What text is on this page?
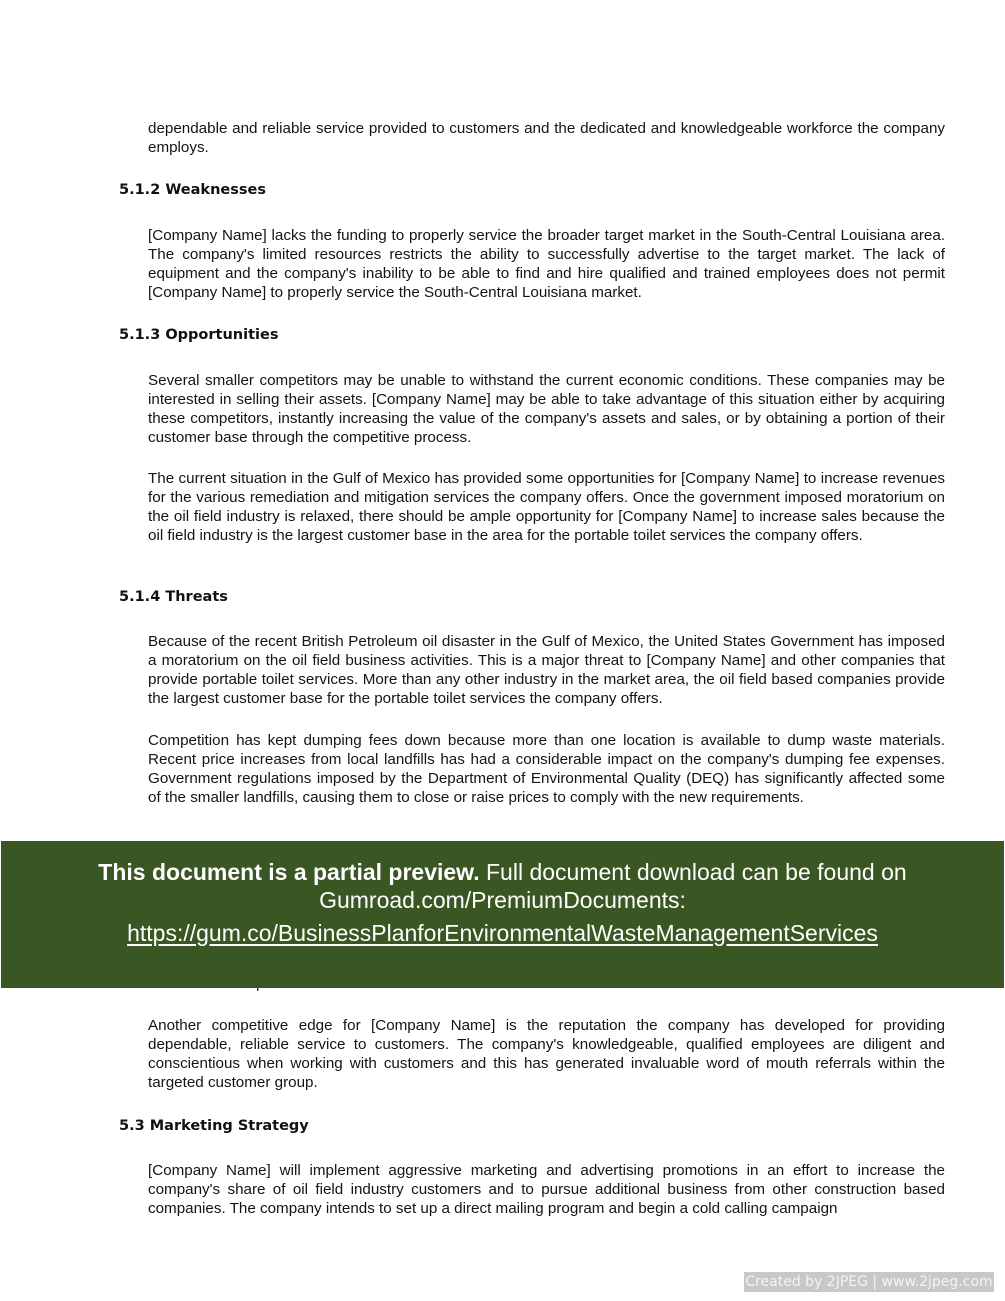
dependable and reliable service provided to customers and the dedicated and knowledgeable workforce the company employs.

5.1.2 Weaknesses

[Company Name] lacks the funding to properly service the broader target market in the South-Central Louisiana area. The company's limited resources restricts the ability to successfully advertise to the target market. The lack of equipment and the company's inability to be able to find and hire qualified and trained employees does not permit [Company Name] to properly service the South-Central Louisiana market.

5.1.3 Opportunities

Several smaller competitors may be unable to withstand the current economic conditions. These companies may be interested in selling their assets. [Company Name] may be able to take advantage of this situation either by acquiring these competitors, instantly increasing the value of the company's assets and sales, or by obtaining a portion of their customer base through the competitive process.

The current situation in the Gulf of Mexico has provided some opportunities for [Company Name] to increase revenues for the various remediation and mitigation services the company offers. Once the government imposed moratorium on the oil field industry is relaxed, there should be ample opportunity for [Company Name] to increase sales because the oil field industry is the largest customer base in the area for the portable toilet services the company offers.

5.1.4 Threats

Because of the recent British Petroleum oil disaster in the Gulf of Mexico, the United States Government has imposed a moratorium on the oil field business activities. This is a major threat to [Company Name] and other companies that provide portable toilet services. More than any other industry in the market area, the oil field based companies provide the largest customer base for the portable toilet services the company offers.

Competition has kept dumping fees down because more than one location is available to dump waste materials. Recent price increases from local landfills has had a considerable impact on the company's dumping fee expenses. Government regulations imposed by the Department of Environmental Quality (DEQ) has significantly affected some of the smaller landfills, causing them to close or raise prices to comply with the new requirements.

This document is a partial preview. Full document download can be found on Gumroad.com/PremiumDocuments:
https://gum.co/BusinessPlanforEnvironmentalWasteManagementServices

Another competitive edge for [Company Name] is the reputation the company has developed for providing dependable, reliable service to customers. The company's knowledgeable, qualified employees are diligent and conscientious when working with customers and this has generated invaluable word of mouth referrals within the targeted customer group.

5.3 Marketing Strategy

[Company Name] will implement aggressive marketing and advertising promotions in an effort to increase the company's share of oil field industry customers and to pursue additional business from other construction based companies. The company intends to set up a direct mailing program and begin a cold calling campaign

Created by 2JPEG | www.2jpeg.com
